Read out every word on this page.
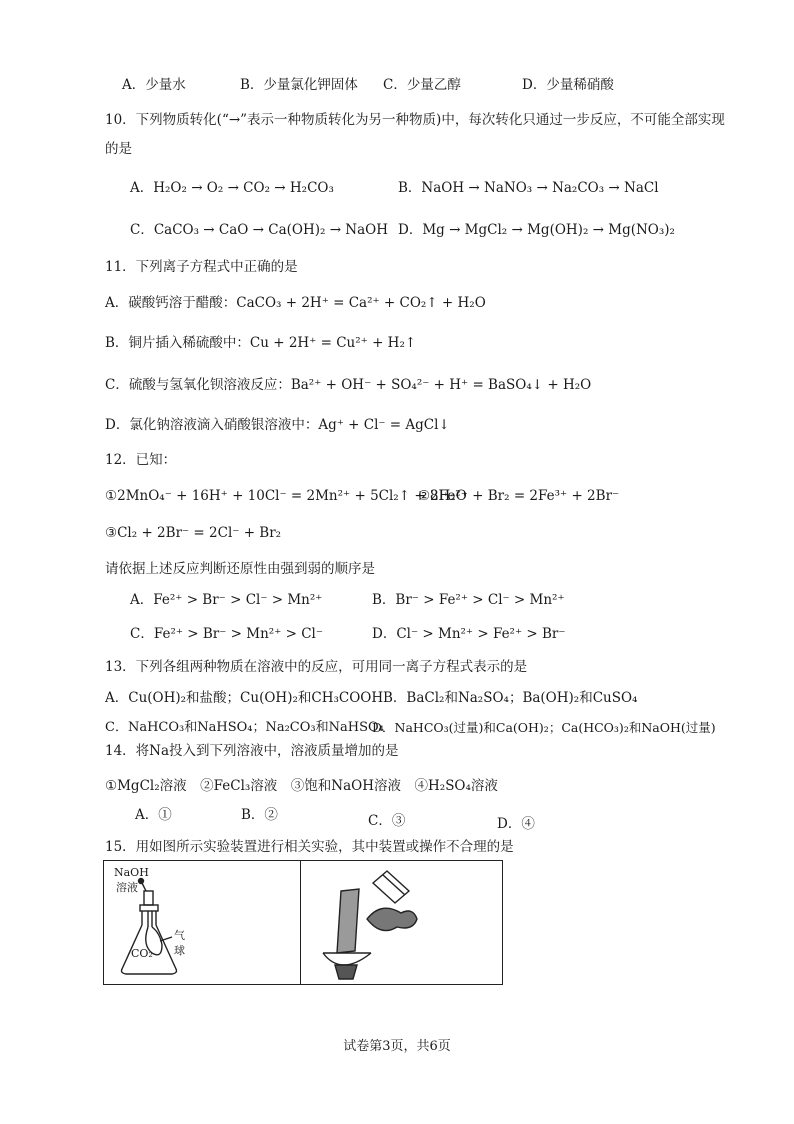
A．少量水	B．少量氯化钾固体 C．少量乙醇	D．少量稀硝酸
10．下列物质转化(“→”表示一种物质转化为另一种物质)中，每次转化只通过一步反应，不可能全部实现
的是
A．H₂O₂ → O₂ → CO₂ → H₂CO₃	B．NaOH → NaNO₃ → Na₂CO₃ → NaCl
C．CaCO₃ → CaO → Ca(OH)₂ → NaOH D．Mg → MgCl₂ → Mg(OH)₂ → Mg(NO₃)₂
11．下列离子方程式中正确的是
A．碳酸钙溶于醋酸：CaCO₃ + 2H⁺ = Ca²⁺ + CO₂↑ + H₂O
B．铜片插入稀硫酸中：Cu + 2H⁺ = Cu²⁺ + H₂↑
C．硫酸与氢氧化钡溶液反应：Ba²⁺ + OH⁻ + SO₄²⁻ + H⁺ = BaSO₄↓ + H₂O
D．氯化钠溶液滴入硝酸银溶液中：Ag⁺ + Cl⁻ = AgCl↓
12．已知：
①2MnO₄⁻ + 16H⁺ + 10Cl⁻ = 2Mn²⁺ + 5Cl₂↑ + 8H₂O
②2Fe²⁺ + Br₂ = 2Fe³⁺ + 2Br⁻
③Cl₂ + 2Br⁻ = 2Cl⁻ + Br₂
请依据上述反应判断还原性由强到弱的顺序是
A．Fe²⁺ > Br⁻ > Cl⁻ > Mn²⁺	B．Br⁻ > Fe²⁺ > Cl⁻ > Mn²⁺
C．Fe²⁺ > Br⁻ > Mn²⁺ > Cl⁻	D．Cl⁻ > Mn²⁺ > Fe²⁺ > Br⁻
13．下列各组两种物质在溶液中的反应，可用同一离子方程式表示的是
A．Cu(OH)₂和盐酸；Cu(OH)₂和CH₃COOH B．BaCl₂和Na₂SO₄；Ba(OH)₂和CuSO₄
C．NaHCO₃和NaHSO₄；Na₂CO₃和NaHSO₄
D．NaHCO₃(过量)和Ca(OH)₂；Ca(HCO₃)₂和NaOH(过量)
14．将Na投入到下列溶液中，溶液质量增加的是
①MgCl₂溶液　②FeCl₃溶液　③饱和NaOH溶液　④H₂SO₄溶液
A．①	B．②	C．③	D．④
15．用如图所示实验装置进行相关实验，其中装置或操作不合理的是
NaOH
溶液
CO₂
气
球
试卷第3页，共6页
